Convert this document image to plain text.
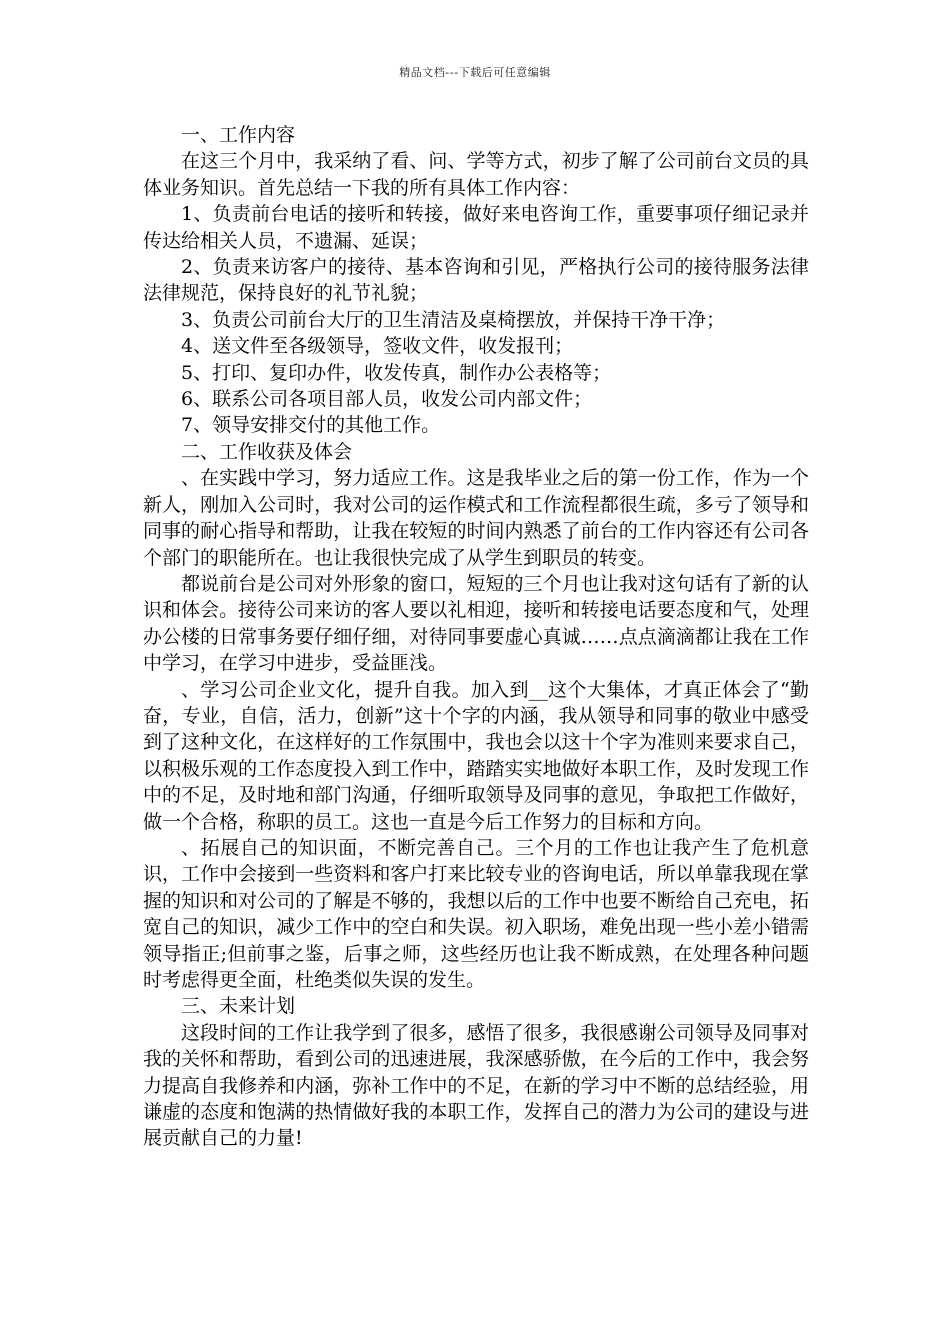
精品文档---下载后可任意编辑

一、工作内容

在这三个月中，我采纳了看、问、学等方式，初步了解了公司前台文员的具体业务知识。首先总结一下我的所有具体工作内容：

1、负责前台电话的接听和转接，做好来电咨询工作，重要事项仔细记录并传达给相关人员，不遗漏、延误；

2、负责来访客户的接待、基本咨询和引见，严格执行公司的接待服务法律法律规范，保持良好的礼节礼貌；

3、负责公司前台大厅的卫生清洁及桌椅摆放，并保持干净干净；

4、送文件至各级领导，签收文件，收发报刊；

5、打印、复印办件，收发传真，制作办公表格等；

6、联系公司各项目部人员，收发公司内部文件；

7、领导安排交付的其他工作。

二、工作收获及体会

、在实践中学习，努力适应工作。这是我毕业之后的第一份工作，作为一个新人，刚加入公司时，我对公司的运作模式和工作流程都很生疏，多亏了领导和同事的耐心指导和帮助，让我在较短的时间内熟悉了前台的工作内容还有公司各个部门的职能所在。也让我很快完成了从学生到职员的转变。

都说前台是公司对外形象的窗口，短短的三个月也让我对这句话有了新的认识和体会。接待公司来访的客人要以礼相迎，接听和转接电话要态度和气，处理办公楼的日常事务要仔细仔细，对待同事要虚心真诚……点点滴滴都让我在工作中学习，在学习中进步，受益匪浅。

、学习公司企业文化，提升自我。加入到__这个大集体，才真正体会了“勤奋，专业，自信，活力，创新”这十个字的内涵，我从领导和同事的敬业中感受到了这种文化，在这样好的工作氛围中，我也会以这十个字为准则来要求自己，以积极乐观的工作态度投入到工作中，踏踏实实地做好本职工作，及时发现工作中的不足，及时地和部门沟通，仔细听取领导及同事的意见，争取把工作做好，做一个合格，称职的员工。这也一直是今后工作努力的目标和方向。

、拓展自己的知识面，不断完善自己。三个月的工作也让我产生了危机意识，工作中会接到一些资料和客户打来比较专业的咨询电话，所以单靠我现在掌握的知识和对公司的了解是不够的，我想以后的工作中也要不断给自己充电，拓宽自己的知识，减少工作中的空白和失误。初入职场，难免出现一些小差小错需领导指正;但前事之鉴，后事之师，这些经历也让我不断成熟，在处理各种问题时考虑得更全面，杜绝类似失误的发生。

三、未来计划

这段时间的工作让我学到了很多，感悟了很多，我很感谢公司领导及同事对我的关怀和帮助，看到公司的迅速进展，我深感骄傲，在今后的工作中，我会努力提高自我修养和内涵，弥补工作中的不足，在新的学习中不断的总结经验，用谦虚的态度和饱满的热情做好我的本职工作，发挥自己的潜力为公司的建设与进展贡献自己的力量!
